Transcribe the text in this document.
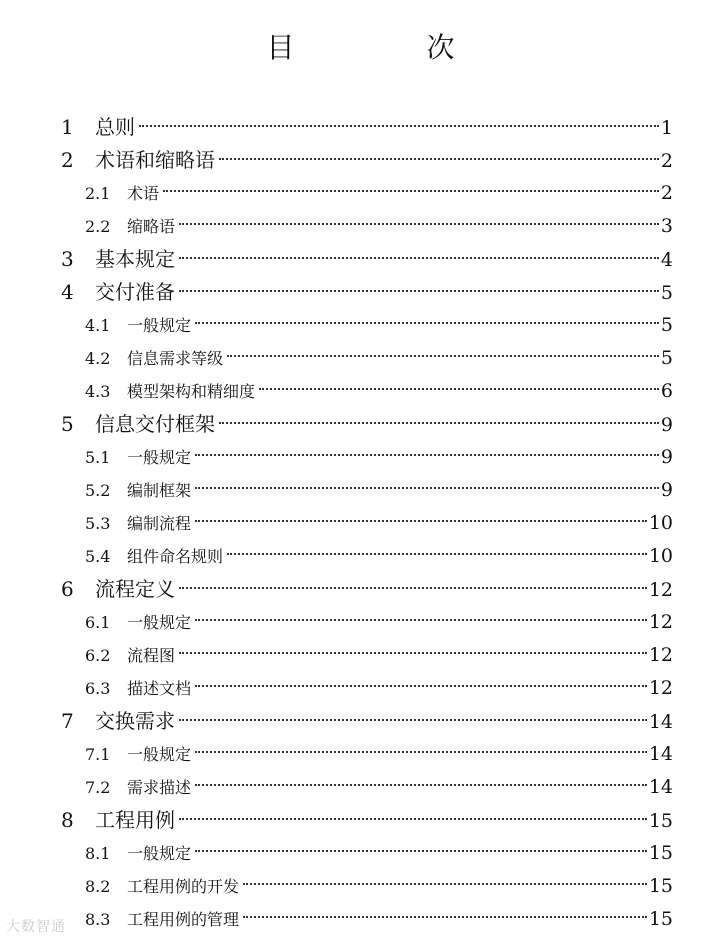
目　次
1	总则	1
2	术语和缩略语	2
2.1	术语	2
2.2	缩略语	3
3	基本规定	4
4	交付准备	5
4.1	一般规定	5
4.2	信息需求等级	5
4.3	模型架构和精细度	6
5	信息交付框架	9
5.1	一般规定	9
5.2	编制框架	9
5.3	编制流程	10
5.4	组件命名规则	10
6	流程定义	12
6.1	一般规定	12
6.2	流程图	12
6.3	描述文档	12
7	交换需求	14
7.1	一般规定	14
7.2	需求描述	14
8	工程用例	15
8.1	一般规定	15
8.2	工程用例的开发	15
8.3	工程用例的管理	15
大数智通
